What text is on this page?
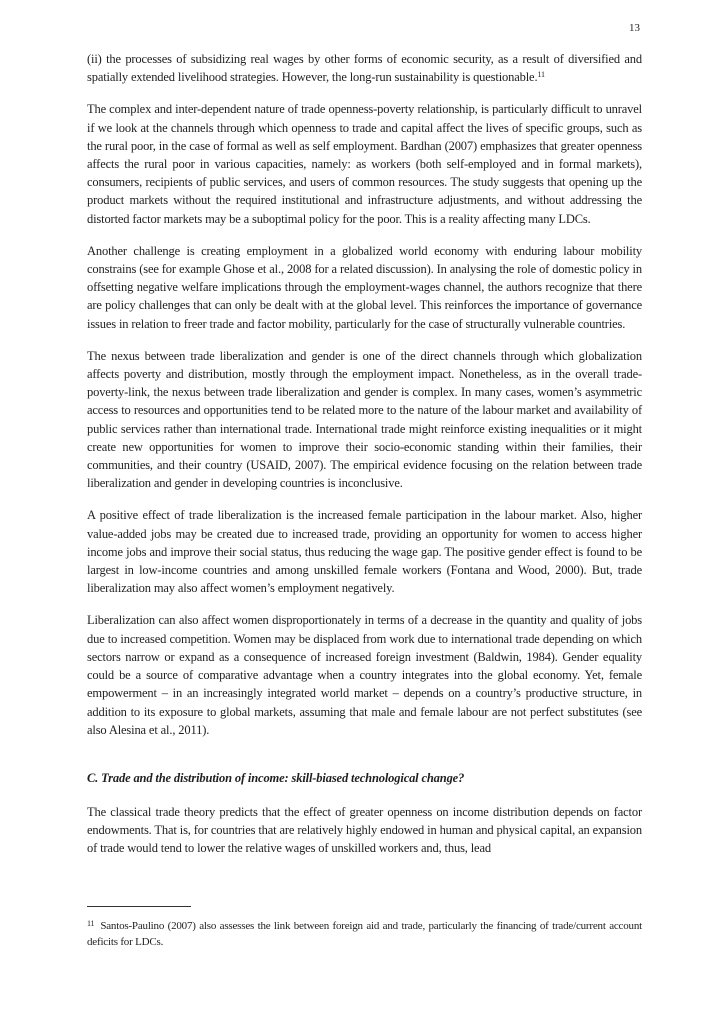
13

(ii) the processes of subsidizing real wages by other forms of economic security, as a result of diversified and spatially extended livelihood strategies. However, the long-run sustainability is questionable.$^{11}$

The complex and inter-dependent nature of trade openness-poverty relationship, is particularly difficult to unravel if we look at the channels through which openness to trade and capital affect the lives of specific groups, such as the rural poor, in the case of formal as well as self employment. Bardhan (2007) emphasizes that greater openness affects the rural poor in various capacities, namely: as workers (both self-employed and in formal markets), consumers, recipients of public services, and users of common resources. The study suggests that opening up the product markets without the required institutional and infrastructure adjustments, and without addressing the distorted factor markets may be a suboptimal policy for the poor. This is a reality affecting many LDCs.

Another challenge is creating employment in a globalized world economy with enduring labour mobility constrains (see for example Ghose et al., 2008 for a related discussion). In analysing the role of domestic policy in offsetting negative welfare implications through the employment-wages channel, the authors recognize that there are policy challenges that can only be dealt with at the global level. This reinforces the importance of governance issues in relation to freer trade and factor mobility, particularly for the case of structurally vulnerable countries.

The nexus between trade liberalization and gender is one of the direct channels through which globalization affects poverty and distribution, mostly through the employment impact. Nonetheless, as in the overall trade-poverty-link, the nexus between trade liberalization and gender is complex. In many cases, women’s asymmetric access to resources and opportunities tend to be related more to the nature of the labour market and availability of public services rather than international trade. International trade might reinforce existing inequalities or it might create new opportunities for women to improve their socio-economic standing within their families, their communities, and their country (USAID, 2007). The empirical evidence focusing on the relation between trade liberalization and gender in developing countries is inconclusive.

A positive effect of trade liberalization is the increased female participation in the labour market. Also, higher value-added jobs may be created due to increased trade, providing an opportunity for women to access higher income jobs and improve their social status, thus reducing the wage gap. The positive gender effect is found to be largest in low-income countries and among unskilled female workers (Fontana and Wood, 2000). But, trade liberalization may also affect women’s employment negatively.

Liberalization can also affect women disproportionately in terms of a decrease in the quantity and quality of jobs due to increased competition. Women may be displaced from work due to international trade depending on which sectors narrow or expand as a consequence of increased foreign investment (Baldwin, 1984). Gender equality could be a source of comparative advantage when a country integrates into the global economy. Yet, female empowerment – in an increasingly integrated world market – depends on a country’s productive structure, in addition to its exposure to global markets, assuming that male and female labour are not perfect substitutes (see also Alesina et al., 2011).

C. Trade and the distribution of income: skill-biased technological change?

The classical trade theory predicts that the effect of greater openness on income distribution depends on factor endowments. That is, for countries that are relatively highly endowed in human and physical capital, an expansion of trade would tend to lower the relative wages of unskilled workers and, thus, lead

$^{11}$ Santos-Paulino (2007) also assesses the link between foreign aid and trade, particularly the financing of trade/current account deficits for LDCs.
